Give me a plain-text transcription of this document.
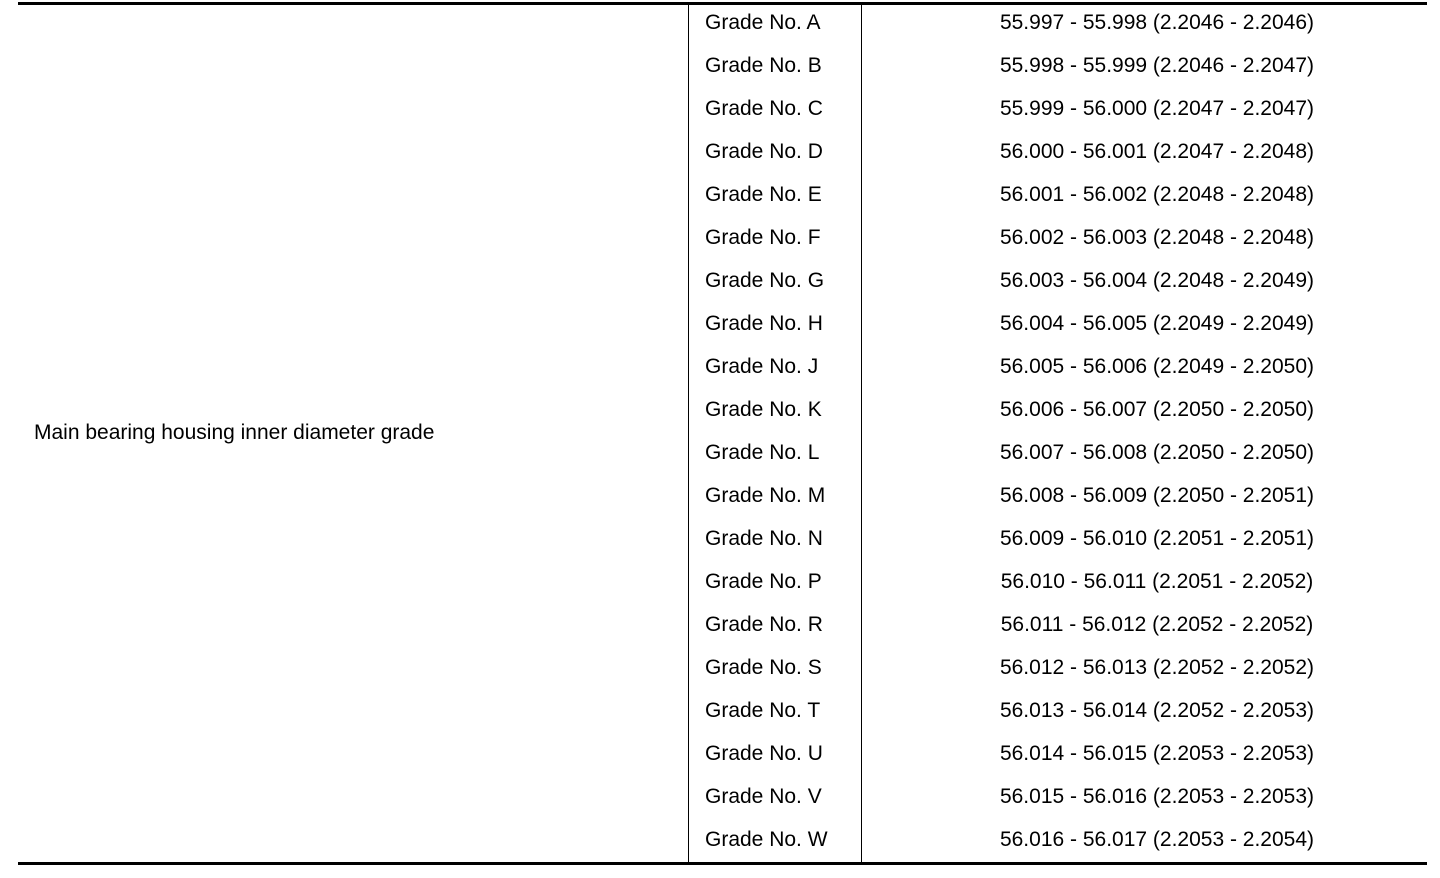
Main bearing housing inner diameter grade
Grade No. A	55.997 - 55.998 (2.2046 - 2.2046)
Grade No. B	55.998 - 55.999 (2.2046 - 2.2047)
Grade No. C	55.999 - 56.000 (2.2047 - 2.2047)
Grade No. D	56.000 - 56.001 (2.2047 - 2.2048)
Grade No. E	56.001 - 56.002 (2.2048 - 2.2048)
Grade No. F	56.002 - 56.003 (2.2048 - 2.2048)
Grade No. G	56.003 - 56.004 (2.2048 - 2.2049)
Grade No. H	56.004 - 56.005 (2.2049 - 2.2049)
Grade No. J	56.005 - 56.006 (2.2049 - 2.2050)
Grade No. K	56.006 - 56.007 (2.2050 - 2.2050)
Grade No. L	56.007 - 56.008 (2.2050 - 2.2050)
Grade No. M	56.008 - 56.009 (2.2050 - 2.2051)
Grade No. N	56.009 - 56.010 (2.2051 - 2.2051)
Grade No. P	56.010 - 56.011 (2.2051 - 2.2052)
Grade No. R	56.011 - 56.012 (2.2052 - 2.2052)
Grade No. S	56.012 - 56.013 (2.2052 - 2.2052)
Grade No. T	56.013 - 56.014 (2.2052 - 2.2053)
Grade No. U	56.014 - 56.015 (2.2053 - 2.2053)
Grade No. V	56.015 - 56.016 (2.2053 - 2.2053)
Grade No. W	56.016 - 56.017 (2.2053 - 2.2054)
